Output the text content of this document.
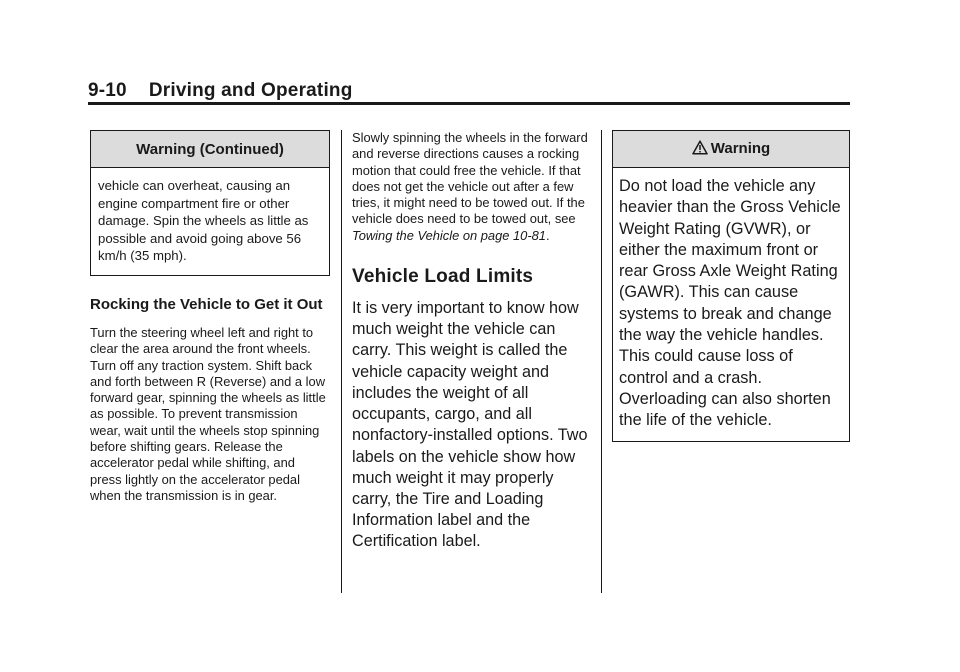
9-10 Driving and Operating
Warning (Continued)
vehicle can overheat, causing an engine compartment fire or other damage. Spin the wheels as little as possible and avoid going above 56 km/h (35 mph).
Rocking the Vehicle to Get it Out
Turn the steering wheel left and right to clear the area around the front wheels. Turn off any traction system. Shift back and forth between R (Reverse) and a low forward gear, spinning the wheels as little as possible. To prevent transmission wear, wait until the wheels stop spinning before shifting gears. Release the accelerator pedal while shifting, and press lightly on the accelerator pedal when the transmission is in gear.
Slowly spinning the wheels in the forward and reverse directions causes a rocking motion that could free the vehicle. If that does not get the vehicle out after a few tries, it might need to be towed out. If the vehicle does need to be towed out, see Towing the Vehicle on page 10-81.
Vehicle Load Limits
It is very important to know how much weight the vehicle can carry. This weight is called the vehicle capacity weight and includes the weight of all occupants, cargo, and all nonfactory-installed options. Two labels on the vehicle show how much weight it may properly carry, the Tire and Loading Information label and the Certification label.
Warning
Do not load the vehicle any heavier than the Gross Vehicle Weight Rating (GVWR), or either the maximum front or rear Gross Axle Weight Rating (GAWR). This can cause systems to break and change the way the vehicle handles. This could cause loss of control and a crash. Overloading can also shorten the life of the vehicle.
